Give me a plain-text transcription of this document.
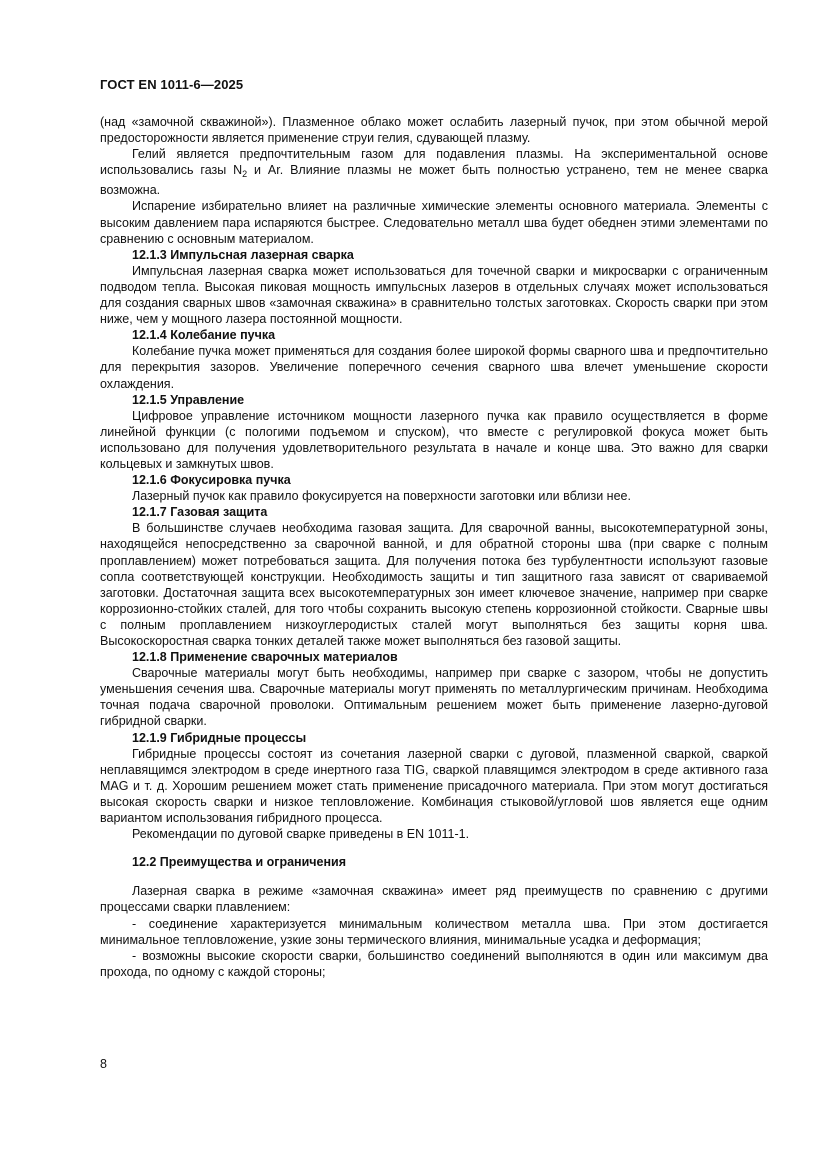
ГОСТ EN 1011-6—2025

(над «замочной скважиной»). Плазменное облако может ослабить лазерный пучок, при этом обычной мерой предосторожности является применение струи гелия, сдувающей плазму.

Гелий является предпочтительным газом для подавления плазмы. На экспериментальной основе использовались газы $N_2$ и Ar. Влияние плазмы не может быть полностью устранено, тем не менее сварка возможна.

Испарение избирательно влияет на различные химические элементы основного материала. Элементы с высоким давлением пара испаряются быстрее. Следовательно металл шва будет обеднен этими элементами по сравнению с основным материалом.

12.1.3 Импульсная лазерная сварка

Импульсная лазерная сварка может использоваться для точечной сварки и микросварки с ограниченным подводом тепла. Высокая пиковая мощность импульсных лазеров в отдельных случаях может использоваться для создания сварных швов «замочная скважина» в сравнительно толстых заготовках. Скорость сварки при этом ниже, чем у мощного лазера постоянной мощности.

12.1.4 Колебание пучка

Колебание пучка может применяться для создания более широкой формы сварного шва и предпочтительно для перекрытия зазоров. Увеличение поперечного сечения сварного шва влечет уменьшение скорости охлаждения.

12.1.5 Управление

Цифровое управление источником мощности лазерного пучка как правило осуществляется в форме линейной функции (с пологими подъемом и спуском), что вместе с регулировкой фокуса может быть использовано для получения удовлетворительного результата в начале и конце шва. Это важно для сварки кольцевых и замкнутых швов.

12.1.6 Фокусировка пучка

Лазерный пучок как правило фокусируется на поверхности заготовки или вблизи нее.

12.1.7 Газовая защита

В большинстве случаев необходима газовая защита. Для сварочной ванны, высокотемпературной зоны, находящейся непосредственно за сварочной ванной, и для обратной стороны шва (при сварке с полным проплавлением) может потребоваться защита. Для получения потока без турбулентности используют газовые сопла соответствующей конструкции. Необходимость защиты и тип защитного газа зависят от свариваемой заготовки. Достаточная защита всех высокотемпературных зон имеет ключевое значение, например при сварке коррозионно-стойких сталей, для того чтобы сохранить высокую степень коррозионной стойкости. Сварные швы с полным проплавлением низкоуглеродистых сталей могут выполняться без защиты корня шва. Высокоскоростная сварка тонких деталей также может выполняться без газовой защиты.

12.1.8 Применение сварочных материалов

Сварочные материалы могут быть необходимы, например при сварке с зазором, чтобы не допустить уменьшения сечения шва. Сварочные материалы могут применять по металлургическим причинам. Необходима точная подача сварочной проволоки. Оптимальным решением может быть применение лазерно-дуговой гибридной сварки.

12.1.9 Гибридные процессы

Гибридные процессы состоят из сочетания лазерной сварки с дуговой, плазменной сваркой, сваркой неплавящимся электродом в среде инертного газа TIG, сваркой плавящимся электродом в среде активного газа MAG и т. д. Хорошим решением может стать применение присадочного материала. При этом могут достигаться высокая скорость сварки и низкое тепловложение. Комбинация стыковой/угловой шов является еще одним вариантом использования гибридного процесса.

Рекомендации по дуговой сварке приведены в EN 1011-1.

12.2 Преимущества и ограничения

Лазерная сварка в режиме «замочная скважина» имеет ряд преимуществ по сравнению с другими процессами сварки плавлением:

- соединение характеризуется минимальным количеством металла шва. При этом достигается минимальное тепловложение, узкие зоны термического влияния, минимальные усадка и деформация;

- возможны высокие скорости сварки, большинство соединений выполняются в один или максимум два прохода, по одному с каждой стороны;

8
